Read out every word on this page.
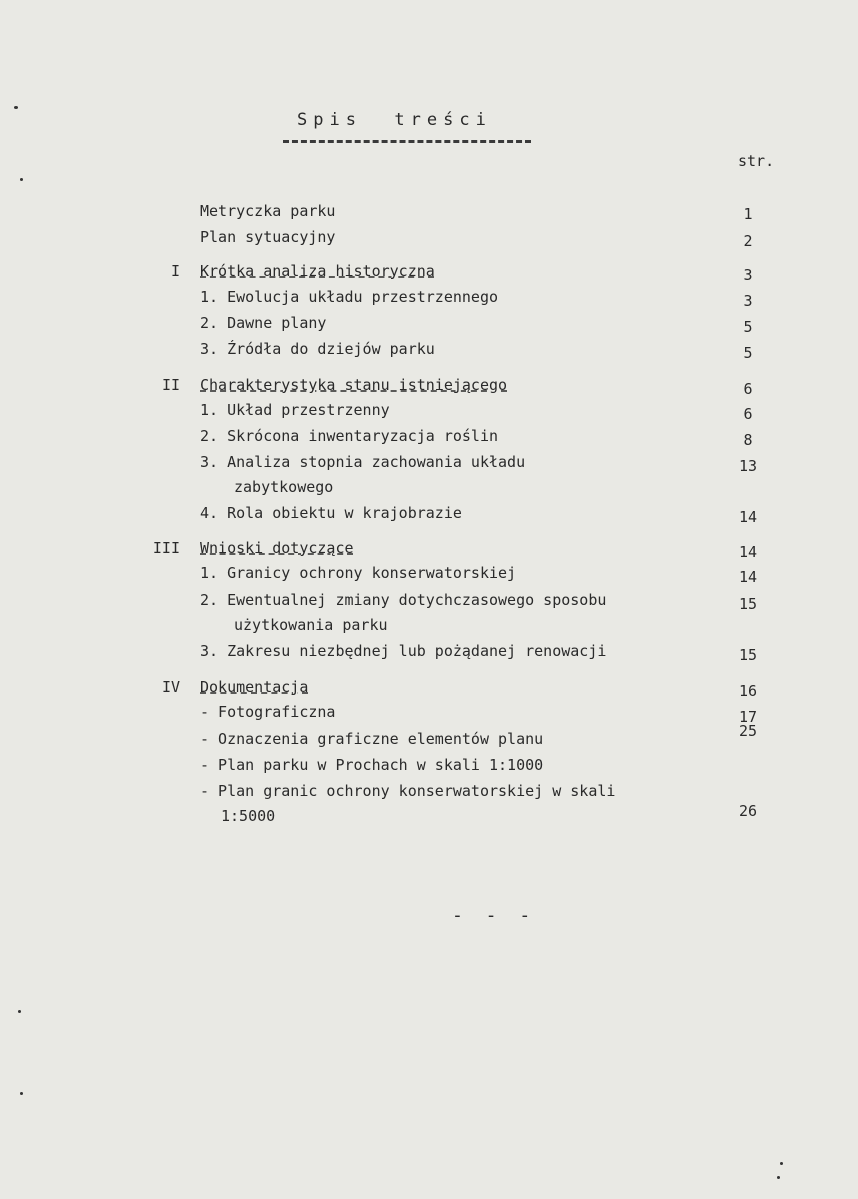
Spis  treści
str.
Metryczka parku	1
Plan sytuacyjny	2
I Krótka analiza historyczna	3
1. Ewolucja układu przestrzennego	3
2. Dawne plany	5
3. Źródła do dziejów parku	5
II Charakterystyka stanu istniejącego	6
1. Układ przestrzenny	6
2. Skrócona inwentaryzacja roślin	8
3. Analiza stopnia zachowania układu	13
zabytkowego
4. Rola obiektu w krajobrazie	14
III Wnioski dotyczące	14
1. Granicy ochrony konserwatorskiej	14
2. Ewentualnej zmiany dotychczasowego sposobu	15
użytkowania parku
3. Zakresu niezbędnej lub pożądanej renowacji	15
IV Dokumentacja	16
- Fotograficzna	17
- Oznaczenia graficzne elementów planu	25
- Plan parku w Prochach w skali 1:1000
- Plan granic ochrony konserwatorskiej w skali
1:5000	26
- - -
